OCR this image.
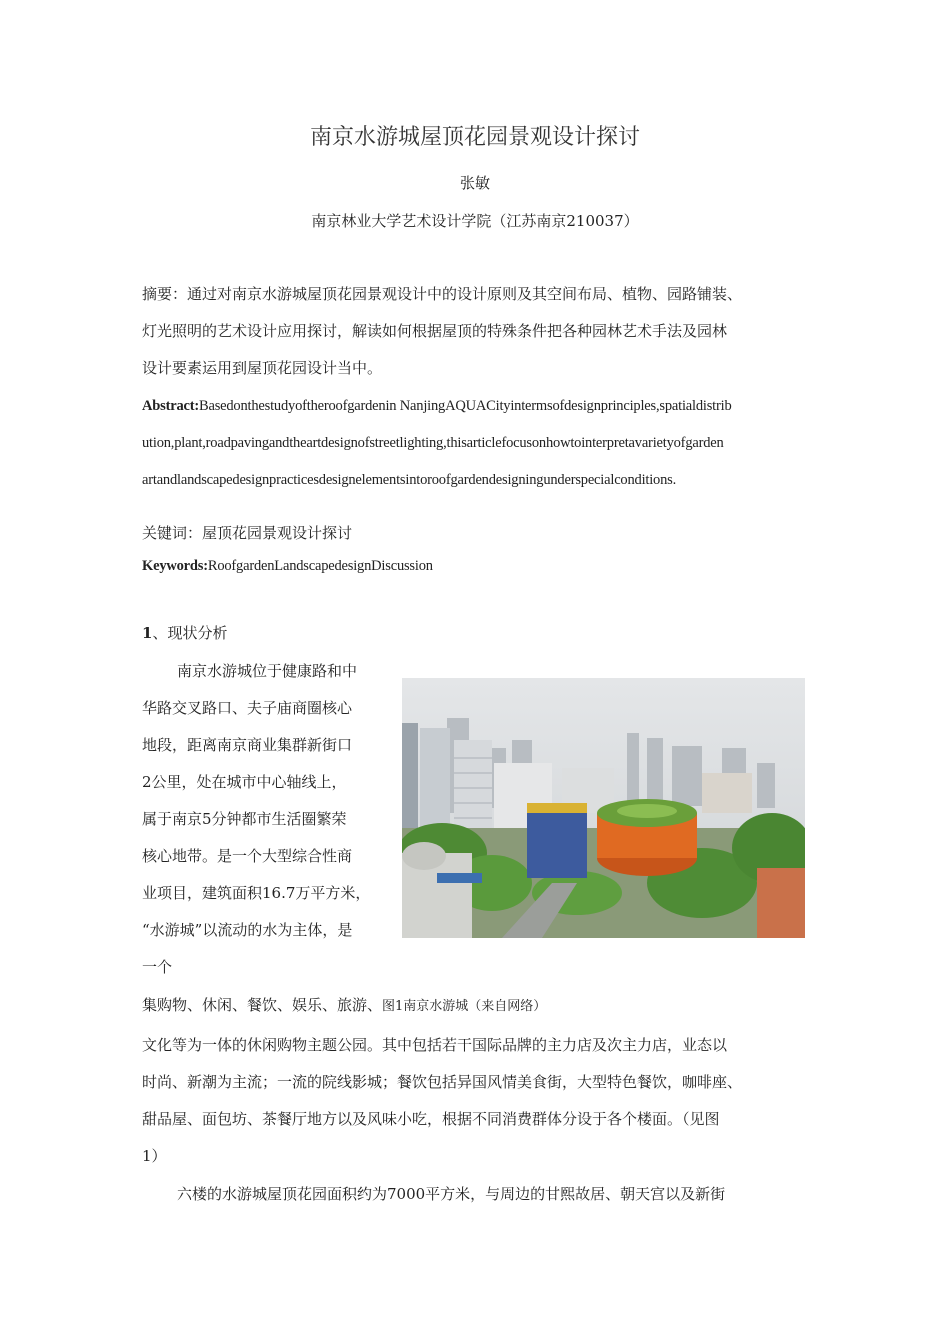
南京水游城屋顶花园景观设计探讨
张敏
南京林业大学艺术设计学院（江苏南京210037）
摘要：通过对南京水游城屋顶花园景观设计中的设计原则及其空间布局、植物、园路铺装、
灯光照明的艺术设计应用探讨，解读如何根据屋顶的特殊条件把各种园林艺术手法及园林
设计要素运用到屋顶花园设计当中。
Abstract:Basedonthestudyoftheroofgardenin NanjingAQUACityintermsofdesignprinciples,spatialdistrib
ution,plant,roadpavingandtheartdesignofstreetlighting,thisarticlefocusonhowtointerpretavarietyofgarden
artandlandscapedesignpracticesdesignelementsintoroofgardendesigningunderspecialconditions.
关键词：屋顶花园景观设计探讨
Keywords:RoofgardenLandscapedesignDiscussion
1、现状分析
南京水游城位于健康路和中
华路交叉路口、夫子庙商圈核心
地段，距离南京商业集群新街口
2公里，处在城市中心轴线上，
属于南京5分钟都市生活圈繁荣
核心地带。是一个大型综合性商
业项目，建筑面积16.7万平方米，
“水游城”以流动的水为主体，是
一个
集购物、休闲、餐饮、娱乐、旅游、图1南京水游城（来自网络）
文化等为一体的休闲购物主题公园。其中包括若干国际品牌的主力店及次主力店，业态以
时尚、新潮为主流；一流的院线影城；餐饮包括异国风情美食街，大型特色餐饮，咖啡座、
甜品屋、面包坊、茶餐厅地方以及风味小吃，根据不同消费群体分设于各个楼面。（见图
1）
六楼的水游城屋顶花园面积约为7000平方米，与周边的甘熙故居、朝天宫以及新街
